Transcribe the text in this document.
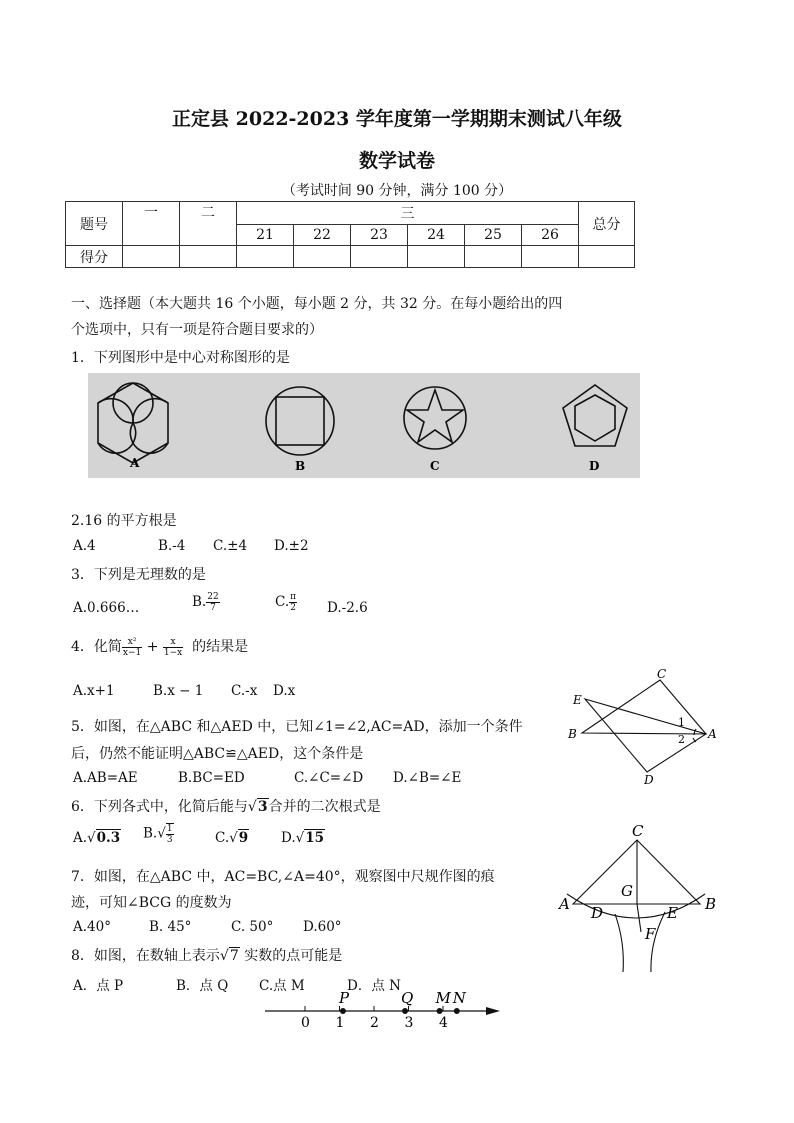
正定县 2022-2023 学年度第一学期期末测试八年级
数学试卷
（考试时间 90 分钟，满分 100 分）
题号	一	二	三						总分
			21	22	23	24	25	26	
得分									
一、选择题（本大题共 16 个小题，每小题 2 分，共 32 分。在每小题给出的四
个选项中，只有一项是符合题目要求的）
1．下列图形中是中心对称图形的是
A	B	C	D
2.16 的平方根是
A.4	B.-4 C.±4 D.±2
3．下列是无理数的是
A.0.666…	B. $\frac{22}{7}$	C. $\frac{\pi}{2} D.-2.6$
4．化简 $\frac{\text{x²}}{x-1} + \frac{x}{1-x}$ 的结果是
A.x+1	B.x − 1 C.-x D.x
E
B
C
D
A
1
2
5．如图，在△ABC 和△AED 中，已知∠1=∠2,AC=AD，添加一个条件
后，仍然不能证明△ABC≌△AED，这个条件是
A.AB=AE	B.BC=ED	C.∠C=∠D D.∠B=∠E
6．下列各式中，化简后能与√3合并的二次根式是
A.√0.3 $B.√ \frac{1}{3}$	C.√9 D.√15	C
G
A	B
D	E
F
7．如图，在△ABC 中，AC=BC,∠A=40°，观察图中尺规作图的痕
迹，可知∠BCG 的度数为
A.40°	B. 45°	C. 50° D.60°
8．如图，在数轴上表示√7 实数的点可能是
A．点 P	B．点 Q C.点 M	D．点 N
0 1 2 3 4
P	Q M N
